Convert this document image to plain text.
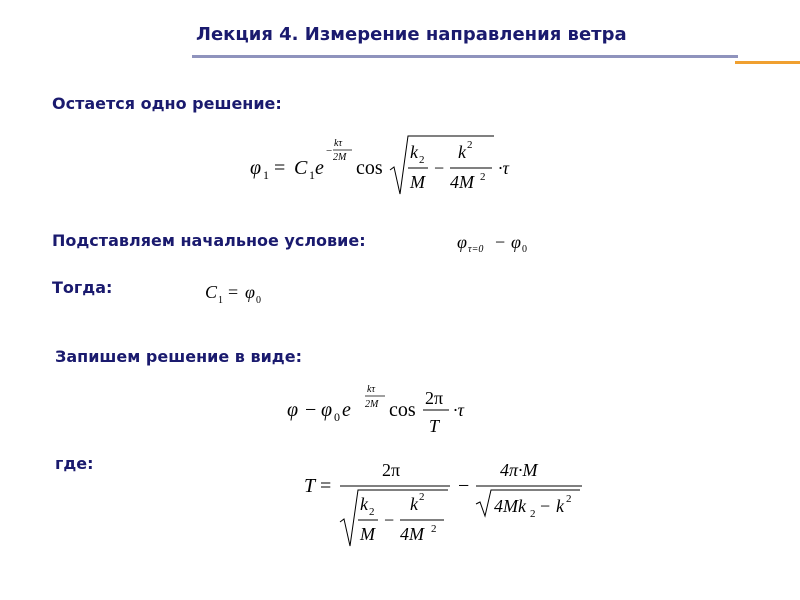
Лекция 4. Измерение направления ветра
Остается одно решение:
Подставляем начальное условие:
Тогда:
Запишем решение в виде:
где:
φ 1 = C 1 e
−
kτ
2M cos
k 2
M
−
k 2
4M 2 ·τ
φ τ=0 − φ 0
C 1 = φ 0
φ − φ 0 e
kτ
2M cos
2π
T
·τ
T =
2π
k 2
M
−
k 2
4M 2
−
4π·M
4Mk 2 − k 2
